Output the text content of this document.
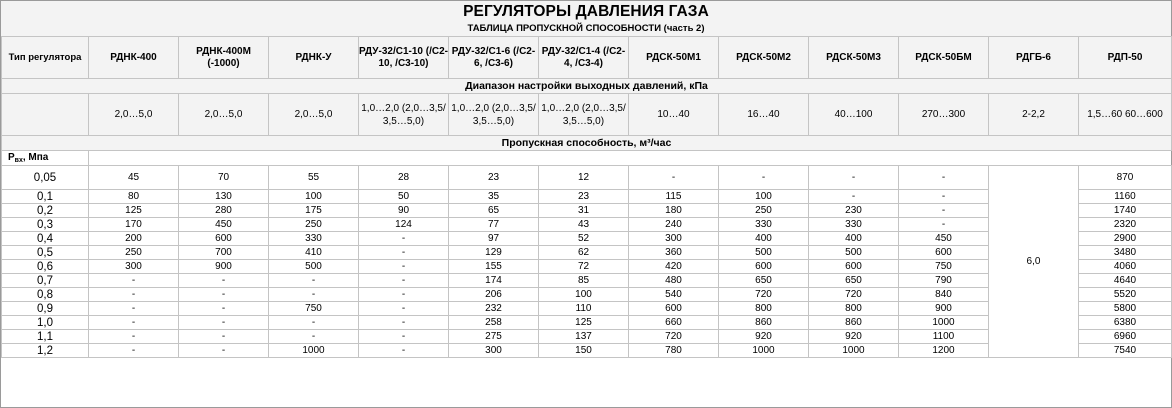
РЕГУЛЯТОРЫ ДАВЛЕНИЯ ГАЗА
ТАБЛИЦА ПРОПУСКНОЙ СПОСОБНОСТИ (часть 2)
Тип регулятора	РДНК-400	РДНК-400М (-1000)	РДНК-У	РДУ-32/С1-10 (/С2-10, /С3-10)	РДУ-32/С1-6 (/С2-6, /С3-6)	РДУ-32/С1-4 (/С2-4, /С3-4)	РДСК-50М1	РДСК-50М2	РДСК-50М3	РДСК-50БМ	РДГБ-6	РДП-50
Диапазон настройки выходных давлений, кПа												
	2,0…5,0	2,0…5,0	2,0…5,0	1,0…2,0 (2,0…3,5/ 3,5…5,0)	1,0…2,0 (2,0…3,5/ 3,5…5,0)	1,0…2,0 (2,0…3,5/ 3,5…5,0)	10…40	16…40	40…100	270…300	2-2,2	1,5…60 60…600
Пропускная способность, м³/час												
$Р_{вх}$, Мпа												
0,05	45	70	55	28	23	12	-	-	-	-	6,0	870
0,1	80	130	100	50	35	23	115	100	-	-		1160
0,2	125	280	175	90	65	31	180	250	230	-		1740
0,3	170	450	250	124	77	43	240	330	330	-		2320
0,4	200	600	330	-	97	52	300	400	400	450		2900
0,5	250	700	410	-	129	62	360	500	500	600		3480
0,6	300	900	500	-	155	72	420	600	600	750		4060
0,7	-	-	-	-	174	85	480	650	650	790		4640
0,8	-	-	-	-	206	100	540	720	720	840		5520
0,9	-	-	750	-	232	110	600	800	800	900		5800
1,0	-	-	-	-	258	125	660	860	860	1000		6380
1,1	-	-	-	-	275	137	720	920	920	1100		6960
1,2	-	-	1000	-	300	150	780	1000	1000	1200		7540
